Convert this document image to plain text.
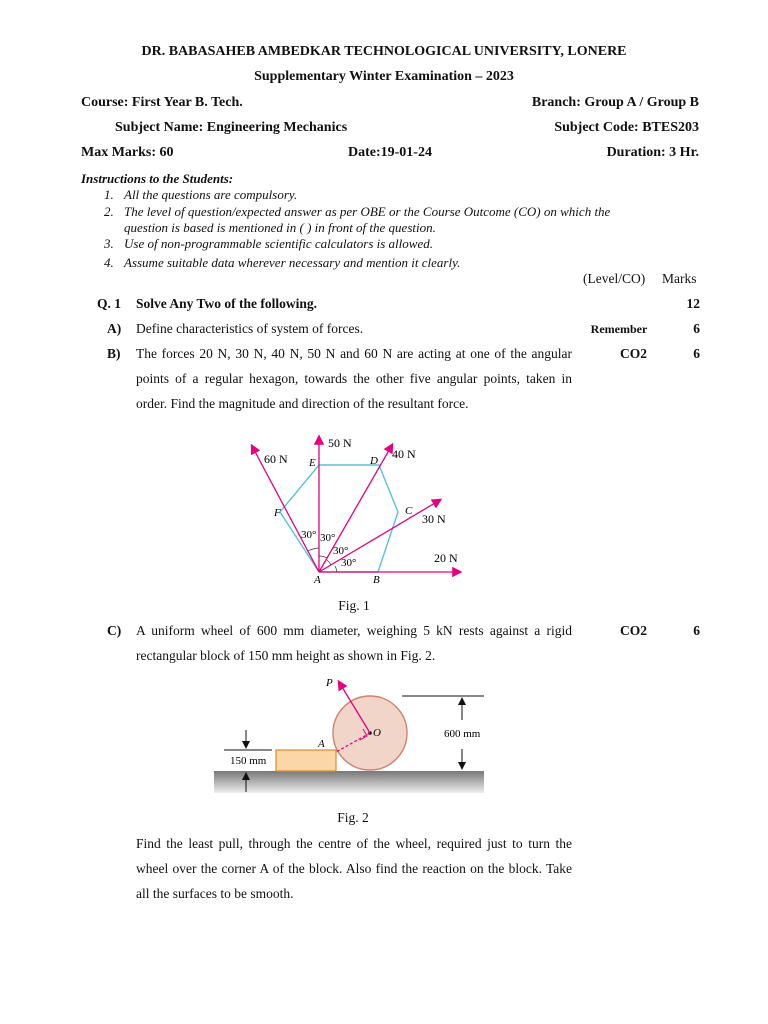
DR. BABASAHEB AMBEDKAR TECHNOLOGICAL UNIVERSITY, LONERE
Supplementary Winter Examination – 2023
Course: First Year B. Tech.	Branch: Group A / Group B
Subject Name: Engineering Mechanics	Subject Code: BTES203
Max Marks: 60	Date:19-01-24	Duration: 3 Hr.
Instructions to the Students:
1. All the questions are compulsory.
2. The level of question/expected answer as per OBE or the Course Outcome (CO) on which the
question is based is mentioned in ( ) in front of the question.
3. Use of non-programmable scientific calculators is allowed.
4. Assume suitable data wherever necessary and mention it clearly.
(Level/CO) Marks
Q. 1 Solve Any Two of the following.	12
A) Define characteristics of system of forces.	Remember	6
B) The forces 20 N, 30 N, 40 N, 50 N and 60 N are acting at one of the angular points of a regular hexagon, towards the other five angular points, taken in order. Find the magnitude and direction of the resultant force.
CO2	6
60 N
50 N
40 N
30 N
20 N
E	D
C
F
A	B
30° 30°
30°
30°
Fig. 1
C) A uniform wheel of 600 mm diameter, weighing 5 kN rests against a rigid rectangular block of 150 mm height as shown in Fig. 2.
CO2	6
P
O
A
600 mm
150 mm
Fig. 2
Find the least pull, through the centre of the wheel, required just to turn the wheel over the corner A of the block. Also find the reaction on the block. Take all the surfaces to be smooth.
